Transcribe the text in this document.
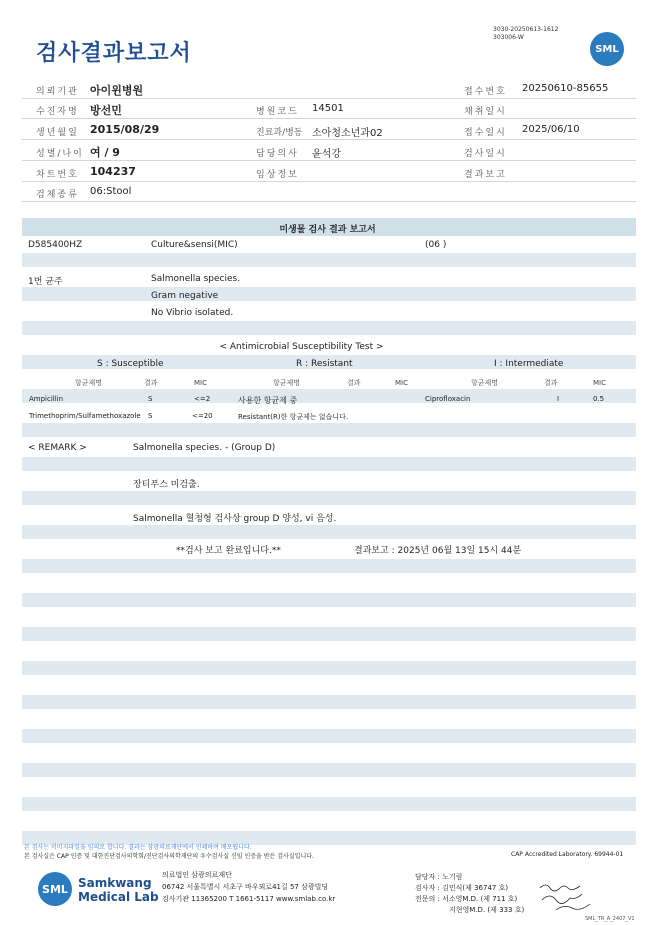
검사결과보고서
3030-20250613-1612
303006-W
SML
의뢰기관 아이윈병원	접수번호 20250610-85655
수진자명 방선민	병원코드 14501	채취일시
생년월일 2015/08/29	진료과/병동 소아청소년과02	접수일시 2025/06/10
성별/나이 여 / 9	담당의사 윤석강	검사일시
차트번호 104237	임상정보	결과보고
검체종류 06:Stool
미생물 검사 결과 보고서
D585400HZ	Culture&sensi(MIC)	(06 )
1번 균주	Salmonella species.
Gram negative
No Vibrio isolated.
< Antimicrobial Susceptibility Test >
S : Susceptible	R : Resistant	I : Intermediate
항균제명	결과	MIC	항균제명	결과	MIC	항균제명	결과	MIC
Ampicillin	S	<=2	사용한 항균제 중	Ciprofloxacin	I	0.5
Trimethoprim/Sulfamethoxazole S	<=20	Resistant(R)한 항균제는 없습니다.
< REMARK >	Salmonella species. - (Group D)
장티푸스 미검출.
Salmonella 혈청형 검사상 group D 양성, vi 음성.
**검사 보고 완료입니다.**	결과보고 : 2025년 06월 13일 15시 44분
본 검사는 이미지파일을 임의로 합니다. 결과는 삼광의료재단에서 인쇄하여 배포됩니다.
본 검사실은 CAP 인증 및 대한진단검사의학회/진단검사의학재단의 우수검사실 신임 인증을 받은 검사실입니다.	CAP Accredited Laboratory. 69944-01
SML Samkwang
Medical Lab
의료법인 삼광의료재단
06742 서울특별시 서초구 바우뫼로41길 57 삼광빌딩
검사기관 11365200 T 1661-5117 www.smlab.co.kr
담당자 : 노기림
검사자 : 김민식(제 36747 호)
전문의 : 서소영M.D. (제 711 호)
지현영M.D. (제 333 호)
SML_TR_A_2407_V1
